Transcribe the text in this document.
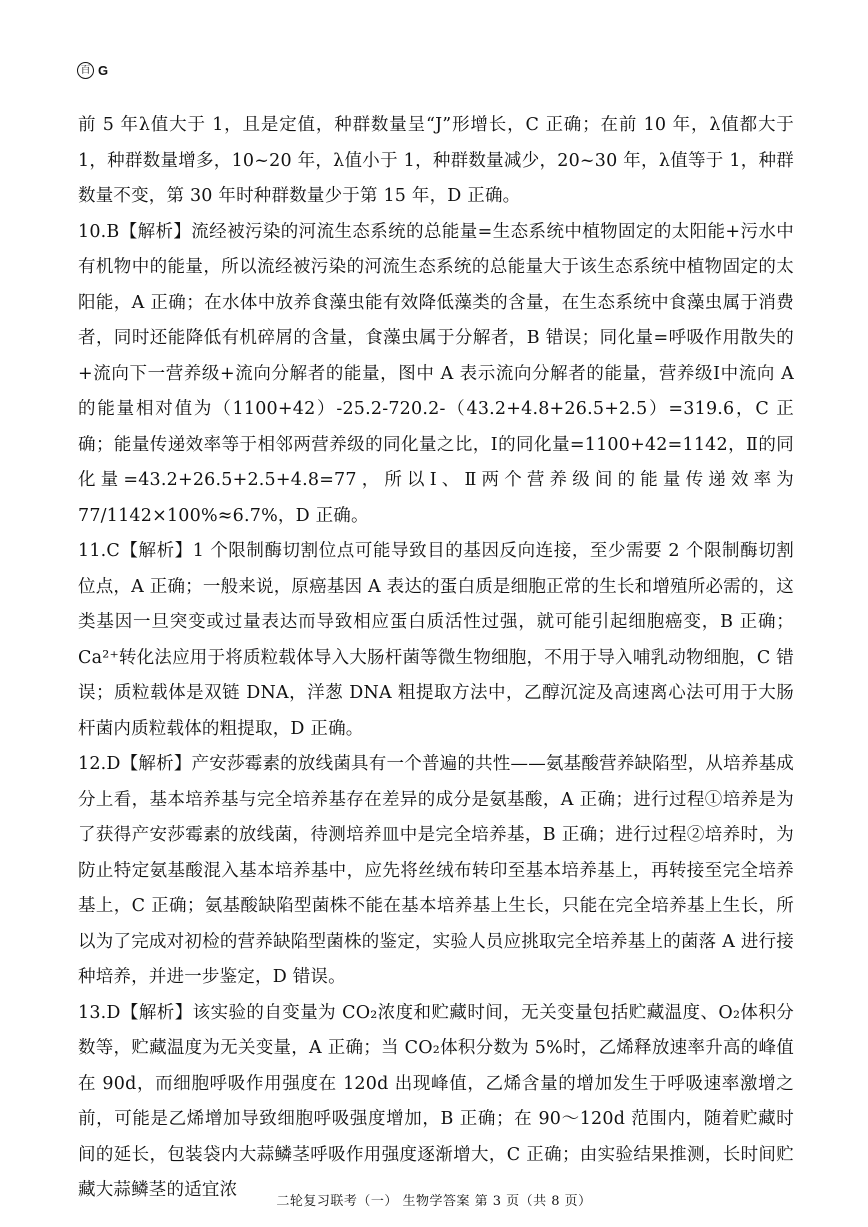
百 G

前 5 年λ值大于 1，且是定值，种群数量呈“J”形增长，C 正确；在前 10 年，λ值都大于 1，种群数量增多，10~20 年，λ值小于 1，种群数量减少，20~30 年，λ值等于 1，种群数量不变，第 30 年时种群数量少于第 15 年，D 正确。

10.B【解析】流经被污染的河流生态系统的总能量=生态系统中植物固定的太阳能+污水中有机物中的能量，所以流经被污染的河流生态系统的总能量大于该生态系统中植物固定的太阳能，A 正确；在水体中放养食藻虫能有效降低藻类的含量，在生态系统中食藻虫属于消费者，同时还能降低有机碎屑的含量，食藻虫属于分解者，B 错误；同化量=呼吸作用散失的+流向下一营养级+流向分解者的能量，图中 A 表示流向分解者的能量，营养级Ⅰ中流向 A 的能量相对值为（1100+42）-25.2-720.2-（43.2+4.8+26.5+2.5）=319.6，C 正确；能量传递效率等于相邻两营养级的同化量之比，Ⅰ的同化量=1100+42=1142，Ⅱ的同化量=43.2+26.5+2.5+4.8=77，所以Ⅰ、Ⅱ两个营养级间的能量传递效率为 77/1142×100%≈6.7%，D 正确。

11.C【解析】1 个限制酶切割位点可能导致目的基因反向连接，至少需要 2 个限制酶切割位点，A 正确；一般来说，原癌基因 A 表达的蛋白质是细胞正常的生长和增殖所必需的，这类基因一旦突变或过量表达而导致相应蛋白质活性过强，就可能引起细胞癌变，B 正确；Ca²⁺转化法应用于将质粒载体导入大肠杆菌等微生物细胞，不用于导入哺乳动物细胞，C 错误；质粒载体是双链 DNA，洋葱 DNA 粗提取方法中，乙醇沉淀及高速离心法可用于大肠杆菌内质粒载体的粗提取，D 正确。

12.D【解析】产安莎霉素的放线菌具有一个普遍的共性——氨基酸营养缺陷型，从培养基成分上看，基本培养基与完全培养基存在差异的成分是氨基酸，A 正确；进行过程①培养是为了获得产安莎霉素的放线菌，待测培养皿中是完全培养基，B 正确；进行过程②培养时，为防止特定氨基酸混入基本培养基中，应先将丝绒布转印至基本培养基上，再转接至完全培养基上，C 正确；氨基酸缺陷型菌株不能在基本培养基上生长，只能在完全培养基上生长，所以为了完成对初检的营养缺陷型菌株的鉴定，实验人员应挑取完全培养基上的菌落 A 进行接种培养，并进一步鉴定，D 错误。

13.D【解析】该实验的自变量为 CO₂浓度和贮藏时间，无关变量包括贮藏温度、O₂体积分数等，贮藏温度为无关变量，A 正确；当 CO₂体积分数为 5%时，乙烯释放速率升高的峰值在 90d，而细胞呼吸作用强度在 120d 出现峰值，乙烯含量的增加发生于呼吸速率激增之前，可能是乙烯增加导致细胞呼吸强度增加，B 正确；在 90～120d 范围内，随着贮藏时间的延长，包装袋内大蒜鳞茎呼吸作用强度逐渐增大，C 正确；由实验结果推测，长时间贮藏大蒜鳞茎的适宜浓

二轮复习联考（一） 生物学答案 第 3 页（共 8 页）
